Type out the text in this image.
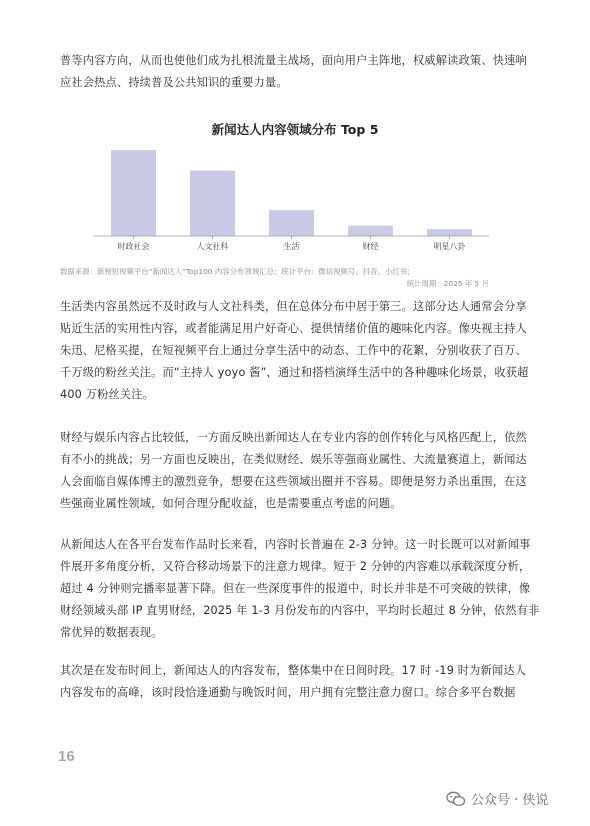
普等内容方向，从而也使他们成为扎根流量主战场，面向用户主阵地，权威解读政策、快速响
应社会热点、持续普及公共知识的重要力量。
新闻达人内容领域分布 Top 5
时政社会	人文社科	生活	财经	明星八卦
数据来源：新榜短视频平台“新闻达人”Top100 内容分布领域汇总；统计平台：微信视频号、抖音、小红书；
统计周期：2025 年 5 月
生活类内容虽然远不及时政与人文社科类，但在总体分布中居于第三。这部分达人通常会分享
贴近生活的实用性内容，或者能满足用户好奇心、提供情绪价值的趣味化内容。像央视主持人
朱迅、尼格买提，在短视频平台上通过分享生活中的动态、工作中的花絮，分别收获了百万、
千万级的粉丝关注。而“主持人 yoyo 酱”，通过和搭档演绎生活中的各种趣味化场景，收获超
400 万粉丝关注。
财经与娱乐内容占比较低，一方面反映出新闻达人在专业内容的创作转化与风格匹配上，依然
有不小的挑战；另一方面也反映出，在类似财经、娱乐等强商业属性、大流量赛道上，新闻达
人会面临自媒体博主的激烈竞争，想要在这些领域出圈并不容易。即便是努力杀出重围，在这
些强商业属性领域，如何合理分配收益，也是需要重点考虑的问题。
从新闻达人在各平台发布作品时长来看，内容时长普遍在 2-3 分钟。这一时长既可以对新闻事
件展开多角度分析，又符合移动场景下的注意力规律。短于 2 分钟的内容难以承载深度分析，
超过 4 分钟则完播率显著下降。但在一些深度事件的报道中，时长并非是不可突破的铁律，像
财经领域头部 IP 直男财经，2025 年 1-3 月份发布的内容中，平均时长超过 8 分钟，依然有非
常优异的数据表现。
其次是在发布时间上，新闻达人的内容发布，整体集中在日间时段。17 时 -19 时为新闻达人
内容发布的高峰，该时段恰逢通勤与晚饭时间，用户拥有完整注意力窗口。综合多平台数据
16
公众号 · 侠说
